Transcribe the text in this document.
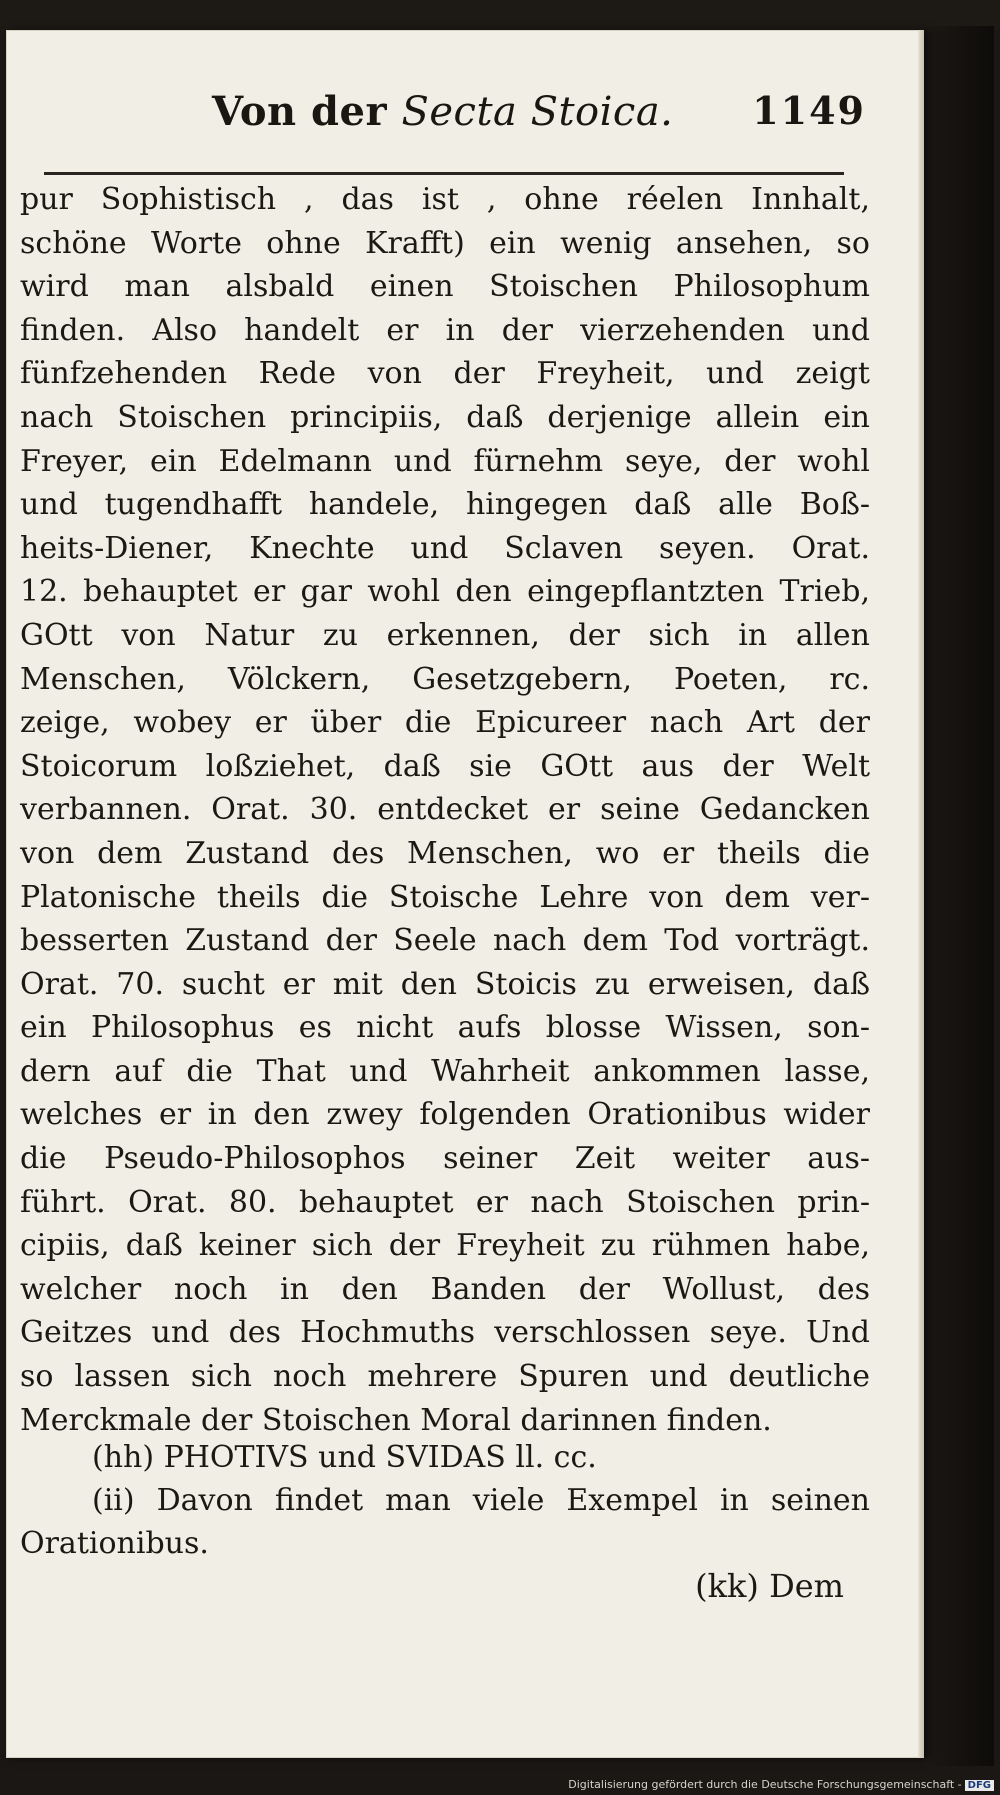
Von der Secta Stoica. 1149
pur Sophistisch , das ist , ohne réelen Innhalt,
schöne Worte ohne Krafft) ein wenig ansehen, so
wird man alsbald einen Stoischen Philosophum
finden. Also handelt er in der vierzehenden und
fünfzehenden Rede von der Freyheit, und zeigt
nach Stoischen principiis, daß derjenige allein ein
Freyer, ein Edelmann und fürnehm seye, der wohl
und tugendhafft handele, hingegen daß alle Boß-
heits-Diener, Knechte und Sclaven seyen. Orat.
12. behauptet er gar wohl den eingepflantzten Trieb,
GOtt von Natur zu erkennen, der sich in allen
Menschen, Völckern, Gesetzgebern, Poeten, rc.
zeige, wobey er über die Epicureer nach Art der
Stoicorum loßziehet, daß sie GOtt aus der Welt
verbannen. Orat. 30. entdecket er seine Gedancken
von dem Zustand des Menschen, wo er theils die
Platonische theils die Stoische Lehre von dem ver-
besserten Zustand der Seele nach dem Tod vorträgt.
Orat. 70. sucht er mit den Stoicis zu erweisen, daß
ein Philosophus es nicht aufs blosse Wissen, son-
dern auf die That und Wahrheit ankommen lasse,
welches er in den zwey folgenden Orationibus wider
die Pseudo-Philosophos seiner Zeit weiter aus-
führt. Orat. 80. behauptet er nach Stoischen prin-
cipiis, daß keiner sich der Freyheit zu rühmen habe,
welcher noch in den Banden der Wollust, des
Geitzes und des Hochmuths verschlossen seye. Und
so lassen sich noch mehrere Spuren und deutliche
Merckmale der Stoischen Moral darinnen finden.
(hh) PHOTIVS und SVIDAS ll. cc.
(ii) Davon findet man viele Exempel in seinen
Orationibus.
(kk) Dem
Digitalisierung gefördert durch die Deutsche Forschungsgemeinschaft - DFG
